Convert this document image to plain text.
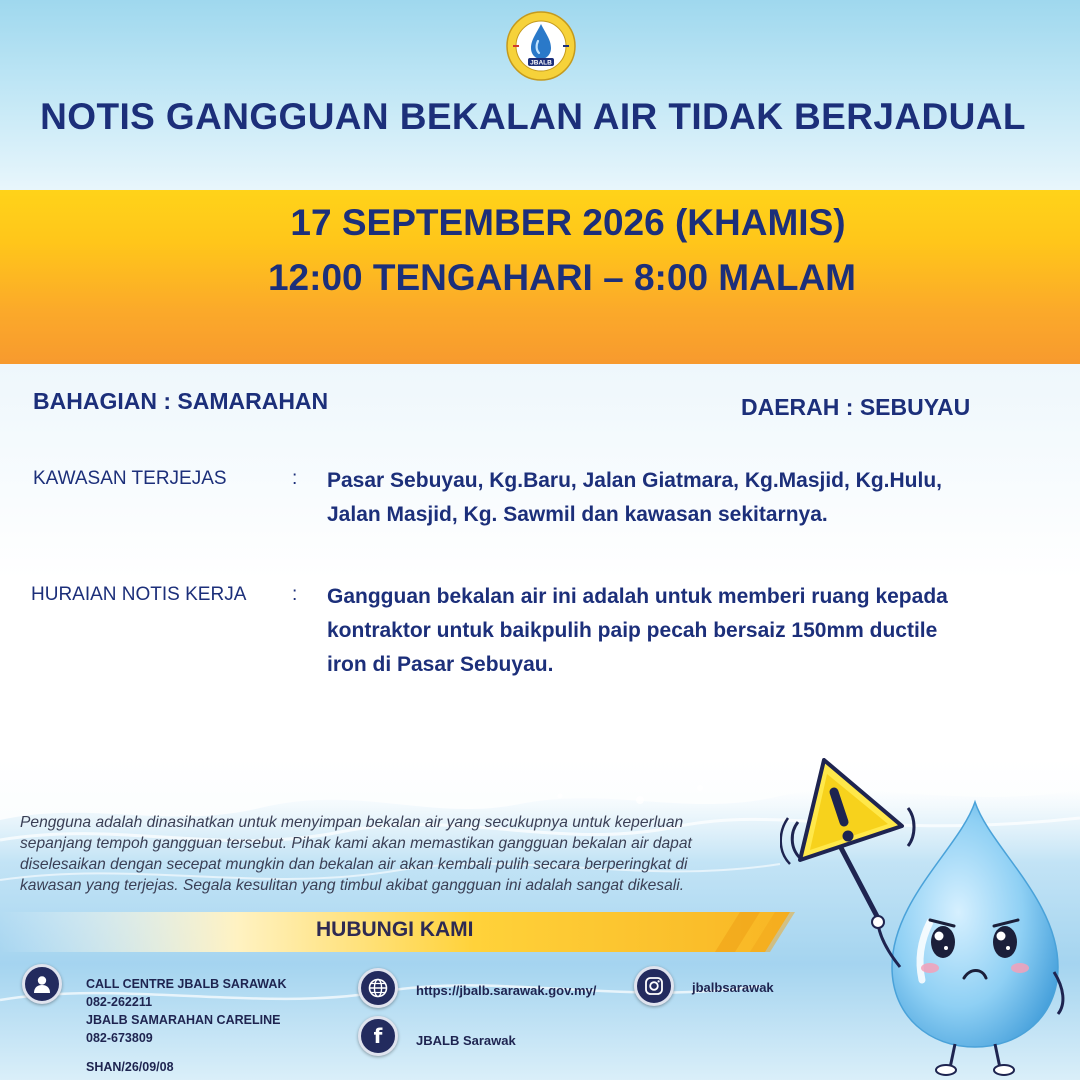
JBALB
NOTIS GANGGUAN BEKALAN AIR TIDAK BERJADUAL
17 SEPTEMBER 2026 (KHAMIS)
12:00 TENGAHARI – 8:00 MALAM
BAHAGIAN : SAMARAHAN	DAERAH : SEBUYAU
KAWASAN TERJEJAS	: Pasar Sebuyau, Kg.Baru, Jalan Giatmara, Kg.Masjid, Kg.Hulu,
Jalan Masjid, Kg. Sawmil dan kawasan sekitarnya.
HURAIAN NOTIS KERJA : Gangguan bekalan air ini adalah untuk memberi ruang kepada
kontraktor untuk baikpulih paip pecah bersaiz 150mm ductile
iron di Pasar Sebuyau.
Pengguna adalah dinasihatkan untuk menyimpan bekalan air yang secukupnya untuk keperluan
sepanjang tempoh gangguan tersebut. Pihak kami akan memastikan gangguan bekalan air dapat
diselesaikan dengan secepat mungkin dan bekalan air akan kembali pulih secara berperingkat di
kawasan yang terjejas. Segala kesulitan yang timbul akibat gangguan ini adalah sangat dikesali.
HUBUNGI KAMI
CALL CENTRE JBALB SARAWAK
082-262211
JBALB SAMARAHAN CARELINE
082-673809
SHAN/26/09/08
https://jbalb.sarawak.gov.my/
f	JBALB Sarawak
jbalbsarawak
